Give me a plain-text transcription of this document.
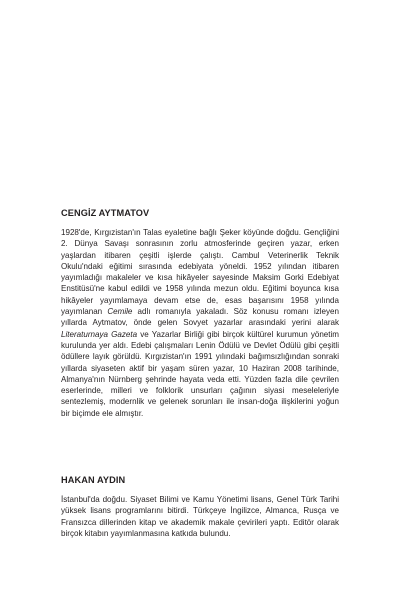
CENGİZ AYTMATOV

1928'de, Kırgızistan'ın Talas eyaletine bağlı Şeker köyünde doğdu. Gençliğini 2. Dünya Savaşı sonrasının zorlu atmosferinde geçiren yazar, erken yaşlardan itibaren çeşitli işlerde çalıştı. Cambul Veterinerlik Teknik Okulu'ndaki eğitimi sırasında edebiyata yöneldi. 1952 yılından itibaren yayımladığı makaleler ve kısa hikâyeler sayesinde Maksim Gorki Edebiyat Enstitüsü'ne kabul edildi ve 1958 yılında mezun oldu. Eğitimi boyunca kısa hikâyeler yayımlamaya devam etse de, esas başarısını 1958 yılında yayımlanan Cemile adlı romanıyla yakaladı. Söz konusu romanı izleyen yıllarda Aytmatov, önde gelen Sovyet yazarlar arasındaki yerini alarak Literaturnaya Gazeta ve Yazarlar Birliği gibi birçok kültürel kurumun yönetim kurulunda yer aldı. Edebi çalışmaları Lenin Ödülü ve Devlet Ödülü gibi çeşitli ödüllere layık görüldü. Kırgızistan'ın 1991 yılındaki bağımsızlığından sonraki yıllarda siyaseten aktif bir yaşam süren yazar, 10 Haziran 2008 tarihinde, Almanya'nın Nürnberg şehrinde hayata veda etti. Yüzden fazla dile çevrilen eserlerinde, milleri ve folklorik unsurları çağının siyasi meseleleriyle sentezlemiş, modernlik ve gelenek sorunları ile insan-doğa ilişkilerini yoğun bir biçimde ele almıştır.

HAKAN AYDIN

İstanbul'da doğdu. Siyaset Bilimi ve Kamu Yönetimi lisans, Genel Türk Tarihi yüksek lisans programlarını bitirdi. Türkçeye İngilizce, Almanca, Rusça ve Fransızca dillerinden kitap ve akademik makale çevirileri yaptı. Editör olarak birçok kitabın yayımlanmasına katkıda bulundu.
